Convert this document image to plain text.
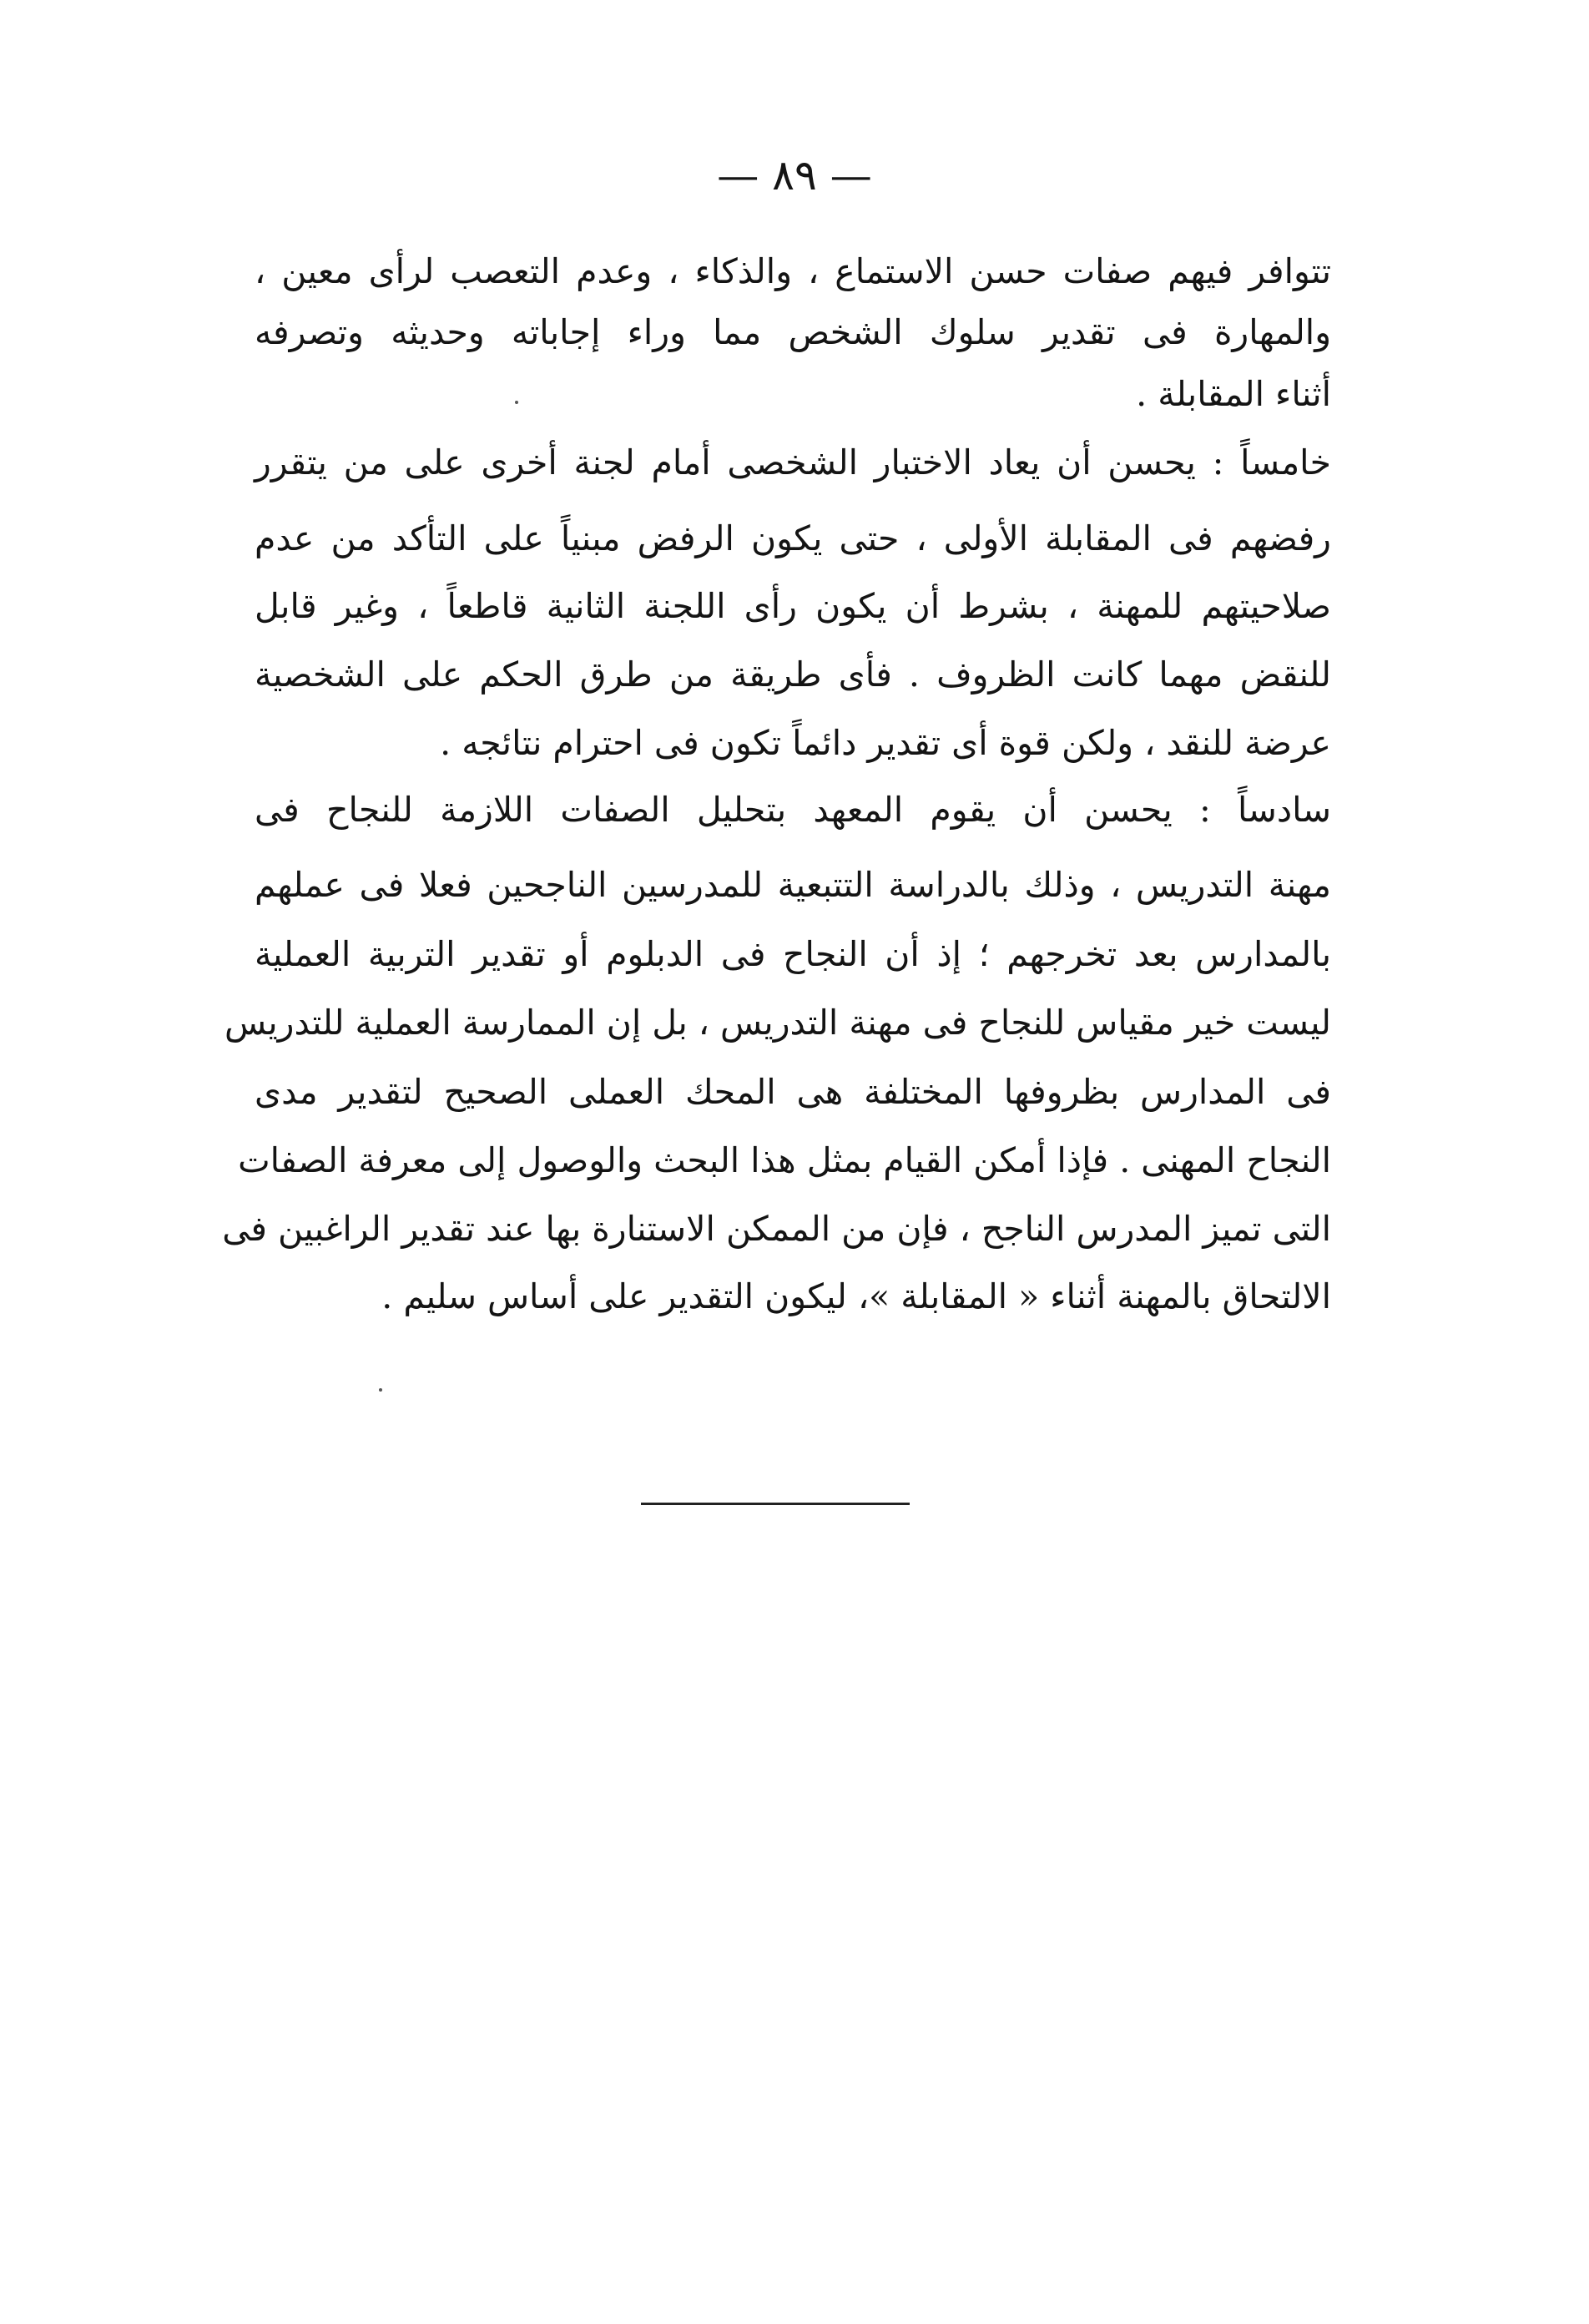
— ٨٩ —
تتوافر فيهم صفات حسن الاستماع ، والذكاء ، وعدم التعصب لرأى معين ،
والمهارة فى تقدير سلوك الشخص مما وراء إجاباته وحديثه وتصرفه
أثناء المقابلة .
خامساً : يحسن أن يعاد الاختبار الشخصى أمام لجنة أخرى على من يتقرر
رفضهم فى المقابلة الأولى ، حتى يكون الرفض مبنياً على التأكد من عدم
صلاحيتهم للمهنة ، بشرط أن يكون رأى اللجنة الثانية قاطعاً ، وغير قابل
للنقض مهما كانت الظروف . فأى طريقة من طرق الحكم على الشخصية
عرضة للنقد ، ولكن قوة أى تقدير دائماً تكون فى احترام نتائجه .
سادساً : يحسن أن يقوم المعهد بتحليل الصفات اللازمة للنجاح فى
مهنة التدريس ، وذلك بالدراسة التتبعية للمدرسين الناجحين فعلا فى عملهم
بالمدارس بعد تخرجهم ؛ إذ أن النجاح فى الدبلوم أو تقدير التربية العملية
ليست خير مقياس للنجاح فى مهنة التدريس ، بل إن الممارسة العملية للتدريس
فى المدارس بظروفها المختلفة هى المحك العملى الصحيح لتقدير مدى
النجاح المهنى . فإذا أمكن القيام بمثل هذا البحث والوصول إلى معرفة الصفات
التى تميز المدرس الناجح ، فإن من الممكن الاستنارة بها عند تقدير الراغبين فى
الالتحاق بالمهنة أثناء « المقابلة »، ليكون التقدير على أساس سليم .
